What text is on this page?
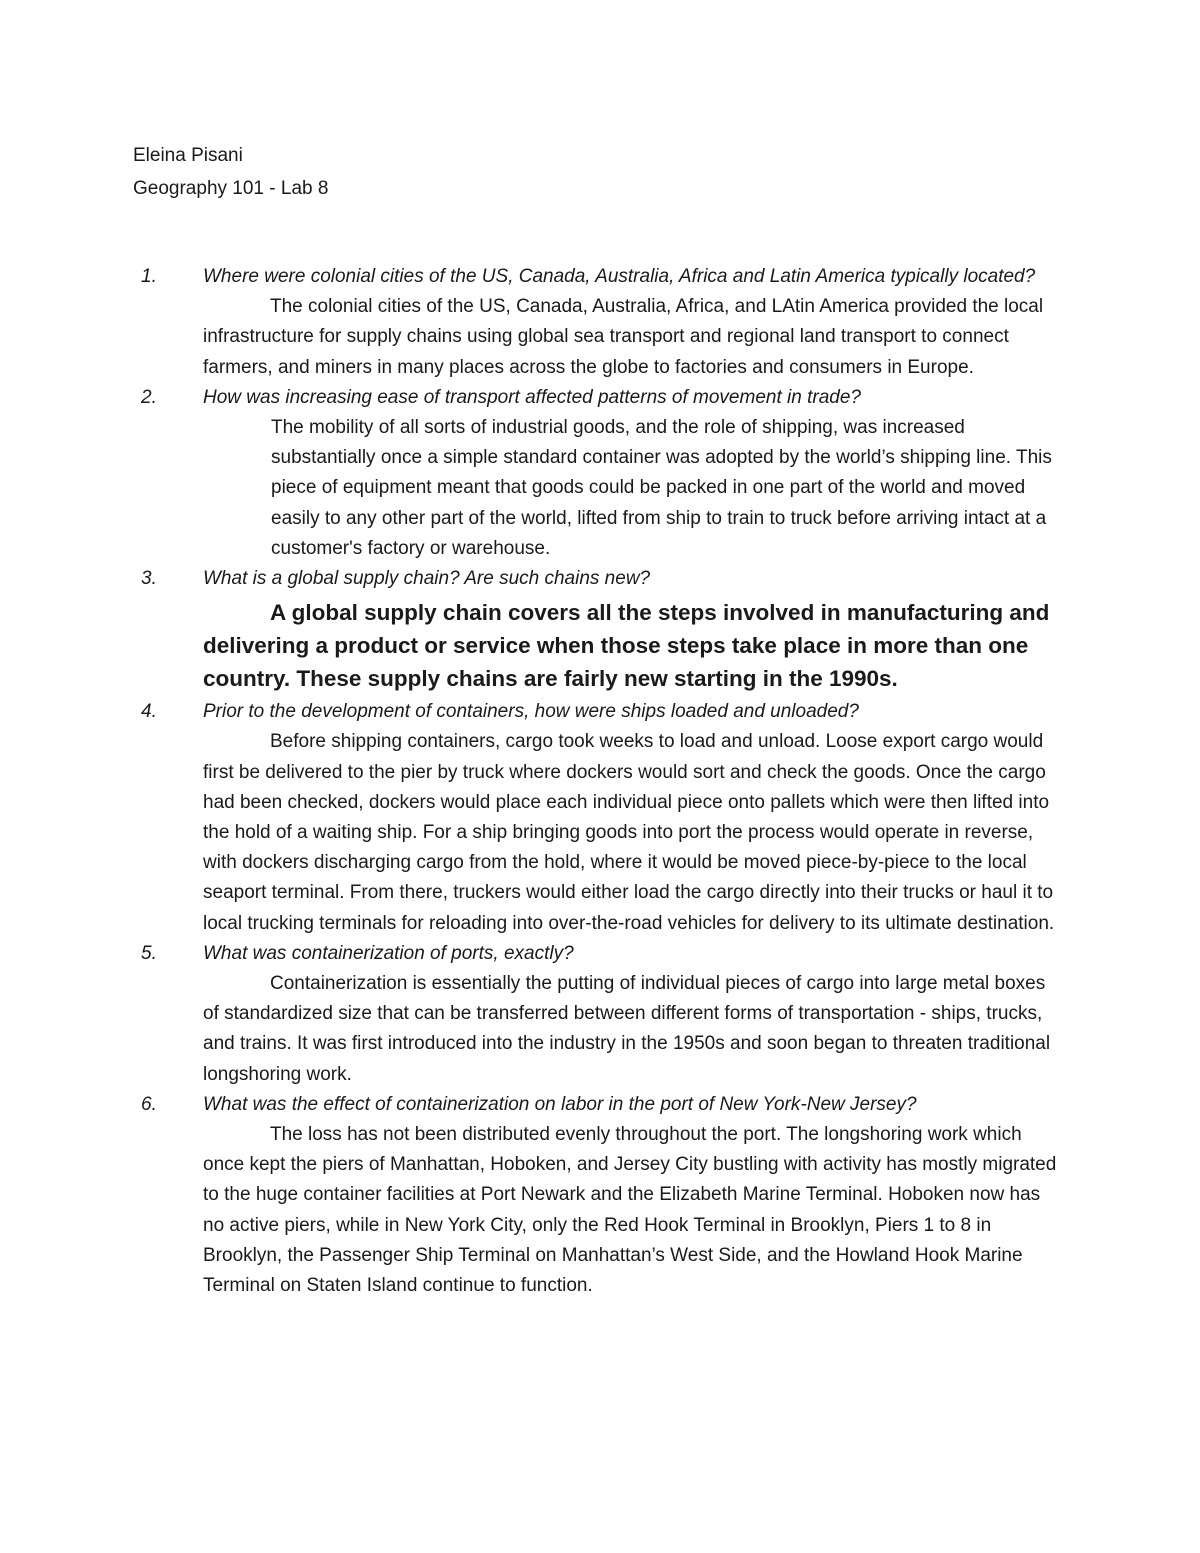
Eleina Pisani
Geography 101 - Lab 8
1. Where were colonial cities of the US, Canada, Australia, Africa and Latin America typically located?
The colonial cities of the US, Canada, Australia, Africa, and LAtin America provided the local infrastructure for supply chains using global sea transport and regional land transport to connect farmers, and miners in many places across the globe to factories and consumers in Europe.
2. How was increasing ease of transport affected patterns of movement in trade?
The mobility of all sorts of industrial goods, and the role of shipping, was increased substantially once a simple standard container was adopted by the world’s shipping line. This piece of equipment meant that goods could be packed in one part of the world and moved easily to any other part of the world, lifted from ship to train to truck before arriving intact at a customer's factory or warehouse.
3. What is a global supply chain? Are such chains new?
A global supply chain covers all the steps involved in manufacturing and delivering a product or service when those steps take place in more than one country. These supply chains are fairly new starting in the 1990s.
4. Prior to the development of containers, how were ships loaded and unloaded?
Before shipping containers, cargo took weeks to load and unload. Loose export cargo would first be delivered to the pier by truck where dockers would sort and check the goods. Once the cargo had been checked, dockers would place each individual piece onto pallets which were then lifted into the hold of a waiting ship. For a ship bringing goods into port the process would operate in reverse, with dockers discharging cargo from the hold, where it would be moved piece-by-piece to the local seaport terminal. From there, truckers would either load the cargo directly into their trucks or haul it to local trucking terminals for reloading into over-the-road vehicles for delivery to its ultimate destination.
5. What was containerization of ports, exactly?
Containerization is essentially the putting of individual pieces of cargo into large metal boxes of standardized size that can be transferred between different forms of transportation - ships, trucks, and trains. It was first introduced into the industry in the 1950s and soon began to threaten traditional longshoring work.
6. What was the effect of containerization on labor in the port of New York-New Jersey?
The loss has not been distributed evenly throughout the port. The longshoring work which once kept the piers of Manhattan, Hoboken, and Jersey City bustling with activity has mostly migrated to the huge container facilities at Port Newark and the Elizabeth Marine Terminal. Hoboken now has no active piers, while in New York City, only the Red Hook Terminal in Brooklyn, Piers 1 to 8 in Brooklyn, the Passenger Ship Terminal on Manhattan’s West Side, and the Howland Hook Marine Terminal on Staten Island continue to function.
